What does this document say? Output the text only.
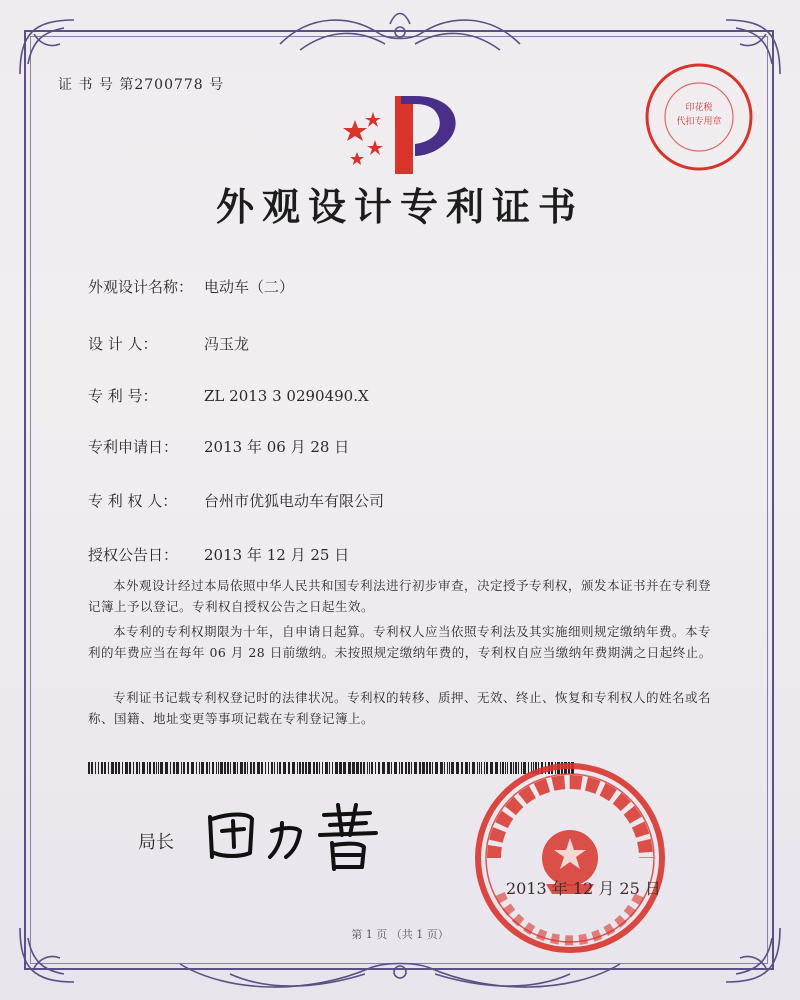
证 书 号 第2700778 号
外观设计专利证书
印花税
代扣专用章
外观设计名称： 电动车（二）
设 计 人：	冯玉龙
专 利 号：	ZL 2013 3 0290490.X
专利申请日： 2013 年 06 月 28 日
专 利 权 人： 台州市优狐电动车有限公司
授权公告日： 2013 年 12 月 25 日
本外观设计经过本局依照中华人民共和国专利法进行初步审查，决定授予专利权，颁发本证书并在专利登记簿上予以登记。专利权自授权公告之日起生效。
本专利的专利权期限为十年，自申请日起算。专利权人应当依照专利法及其实施细则规定缴纳年费。本专利的年费应当在每年 06 月 28 日前缴纳。未按照规定缴纳年费的，专利权自应当缴纳年费期满之日起终止。
专利证书记载专利权登记时的法律状况。专利权的转移、质押、无效、终止、恢复和专利权人的姓名或名称、国籍、地址变更等事项记载在专利登记簿上。
局长
2013 年 12 月 25 日
第 1 页 （共 1 页）
